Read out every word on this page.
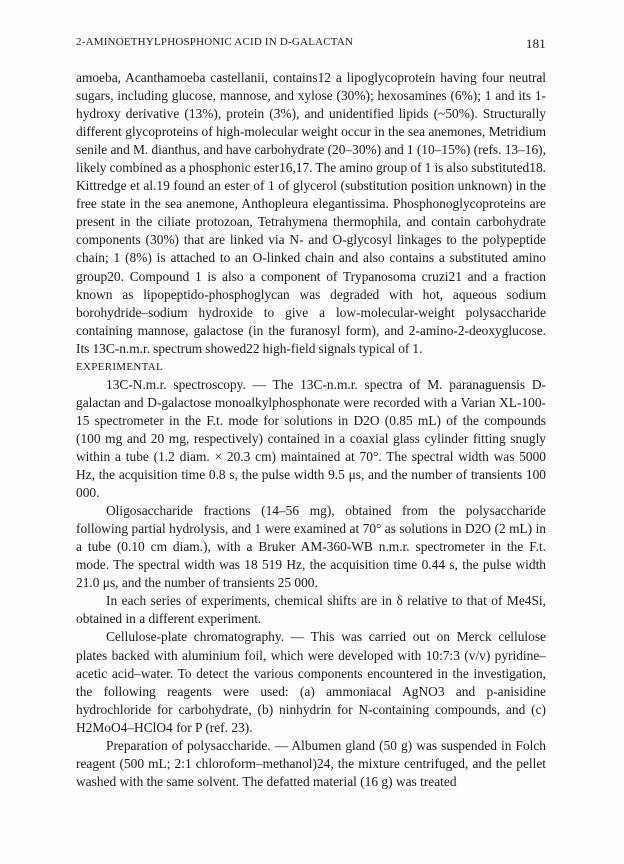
2-AMINOETHYLPHOSPHONIC ACID IN D-GALACTAN	181

amoeba, Acanthamoeba castellanii, contains12 a lipoglycoprotein having four neutral sugars, including glucose, mannose, and xylose (30%); hexosamines (6%); 1 and its 1-hydroxy derivative (13%), protein (3%), and unidentified lipids (~50%). Structurally different glycoproteins of high-molecular weight occur in the sea anemones, Metridium senile and M. dianthus, and have carbohydrate (20–30%) and 1 (10–15%) (refs. 13–16), likely combined as a phosphonic ester16,17. The amino group of 1 is also substituted18. Kittredge et al.19 found an ester of 1 of glycerol (substitution position unknown) in the free state in the sea anemone, Anthopleura elegantissima. Phosphonoglycoproteins are present in the ciliate protozoan, Tetrahymena thermophila, and contain carbohydrate components (30%) that are linked via N- and O-glycosyl linkages to the polypeptide chain; 1 (8%) is attached to an O-linked chain and also contains a substituted amino group20. Compound 1 is also a component of Trypanosoma cruzi21 and a fraction known as lipopeptido-phosphoglycan was degraded with hot, aqueous sodium borohydride–sodium hydroxide to give a low-molecular-weight polysaccharide containing mannose, galactose (in the furanosyl form), and 2-amino-2-deoxyglucose. Its 13C-n.m.r. spectrum showed22 high-field signals typical of 1.

EXPERIMENTAL

13C-N.m.r. spectroscopy. — The 13C-n.m.r. spectra of M. paranaguensis D-galactan and D-galactose monoalkylphosphonate were recorded with a Varian XL-100-15 spectrometer in the F.t. mode for solutions in D2O (0.85 mL) of the compounds (100 mg and 20 mg, respectively) contained in a coaxial glass cylinder fitting snugly within a tube (1.2 diam. × 20.3 cm) maintained at 70°. The spectral width was 5000 Hz, the acquisition time 0.8 s, the pulse width 9.5 μs, and the number of transients 100 000.

Oligosaccharide fractions (14–56 mg), obtained from the polysaccharide following partial hydrolysis, and 1 were examined at 70° as solutions in D2O (2 mL) in a tube (0.10 cm diam.), with a Bruker AM-360-WB n.m.r. spectrometer in the F.t. mode. The spectral width was 18 519 Hz, the acquisition time 0.44 s, the pulse width 21.0 μs, and the number of transients 25 000.

In each series of experiments, chemical shifts are in δ relative to that of Me4Si, obtained in a different experiment.

Cellulose-plate chromatography. — This was carried out on Merck cellulose plates backed with aluminium foil, which were developed with 10:7:3 (v/v) pyridine–acetic acid–water. To detect the various components encountered in the investigation, the following reagents were used: (a) ammoniacal AgNO3 and p-anisidine hydrochloride for carbohydrate, (b) ninhydrin for N-containing compounds, and (c) H2MoO4–HClO4 for P (ref. 23).

Preparation of polysaccharide. — Albumen gland (50 g) was suspended in Folch reagent (500 mL; 2:1 chloroform–methanol)24, the mixture centrifuged, and the pellet washed with the same solvent. The defatted material (16 g) was treated
